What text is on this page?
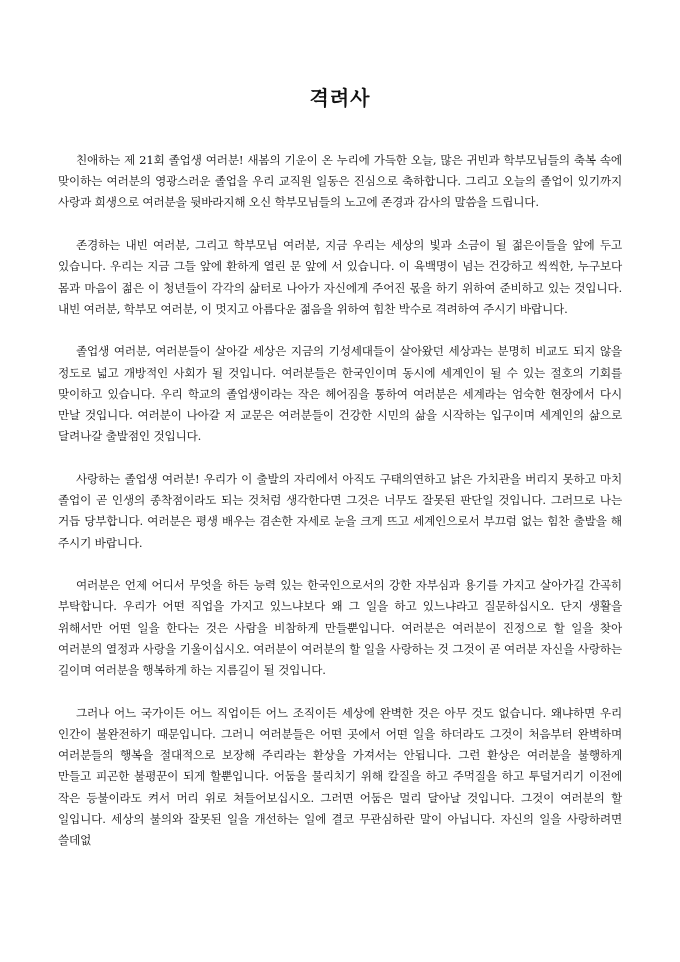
격려사

친애하는 제 21회 졸업생 여러분! 새봄의 기운이 온 누리에 가득한 오늘, 많은 귀빈과 학부모님들의 축복 속에 맞이하는 여러분의 영광스러운 졸업을 우리 교직원 일동은 진심으로 축하합니다. 그리고 오늘의 졸업이 있기까지 사랑과 희생으로 여러분을 뒷바라지해 오신 학부모님들의 노고에 존경과 감사의 말씀을 드립니다.

존경하는 내빈 여러분, 그리고 학부모님 여러분, 지금 우리는 세상의 빛과 소금이 될 젊은이들을 앞에 두고 있습니다. 우리는 지금 그들 앞에 환하게 열린 문 앞에 서 있습니다. 이 육백명이 넘는 건강하고 씩씩한, 누구보다 몸과 마음이 젊은 이 청년들이 각각의 삶터로 나아가 자신에게 주어진 몫을 하기 위하여 준비하고 있는 것입니다. 내빈 여러분, 학부모 여러분, 이 멋지고 아름다운 젊음을 위하여 힘찬 박수로 격려하여 주시기 바랍니다.

졸업생 여러분, 여러분들이 살아갈 세상은 지금의 기성세대들이 살아왔던 세상과는 분명히 비교도 되지 않을 정도로 넓고 개방적인 사회가 될 것입니다. 여러분들은 한국인이며 동시에 세계인이 될 수 있는 절호의 기회를 맞이하고 있습니다. 우리 학교의 졸업생이라는 작은 헤어짐을 통하여 여러분은 세계라는 엄숙한 현장에서 다시 만날 것입니다. 여러분이 나아갈 저 교문은 여러분들이 건강한 시민의 삶을 시작하는 입구이며 세계인의 삶으로 달려나갈 출발점인 것입니다.

사랑하는 졸업생 여러분! 우리가 이 출발의 자리에서 아직도 구태의연하고 낡은 가치관을 버리지 못하고 마치 졸업이 곧 인생의 종착점이라도 되는 것처럼 생각한다면 그것은 너무도 잘못된 판단일 것입니다. 그러므로 나는 거듭 당부합니다. 여러분은 평생 배우는 겸손한 자세로 눈을 크게 뜨고 세계인으로서 부끄럼 없는 힘찬 출발을 해 주시기 바랍니다.

여러분은 언제 어디서 무엇을 하든 능력 있는 한국인으로서의 강한 자부심과 용기를 가지고 살아가길 간곡히 부탁합니다. 우리가 어떤 직업을 가지고 있느냐보다 왜 그 일을 하고 있느냐라고 질문하십시오. 단지 생활을 위해서만 어떤 일을 한다는 것은 사람을 비참하게 만들뿐입니다. 여러분은 여러분이 진정으로 할 일을 찾아 여러분의 열정과 사랑을 기울이십시오. 여러분이 여러분의 할 일을 사랑하는 것 그것이 곧 여러분 자신을 사랑하는 길이며 여러분을 행복하게 하는 지름길이 될 것입니다.

그러나 어느 국가이든 어느 직업이든 어느 조직이든 세상에 완벽한 것은 아무 것도 없습니다. 왜냐하면 우리 인간이 불완전하기 때문입니다. 그러니 여러분들은 어떤 곳에서 어떤 일을 하더라도 그것이 처음부터 완벽하며 여러분들의 행복을 절대적으로 보장해 주리라는 환상을 가져서는 안됩니다. 그런 환상은 여러분을 불행하게 만들고 피곤한 불평꾼이 되게 할뿐입니다. 어둠을 물리치기 위해 칼질을 하고 주먹질을 하고 투덜거리기 이전에 작은 등불이라도 켜서 머리 위로 쳐들어보십시오. 그러면 어둠은 멀리 달아날 것입니다. 그것이 여러분의 할 일입니다. 세상의 불의와 잘못된 일을 개선하는 일에 결코 무관심하란 말이 아닙니다. 자신의 일을 사랑하려면 쓸데없
